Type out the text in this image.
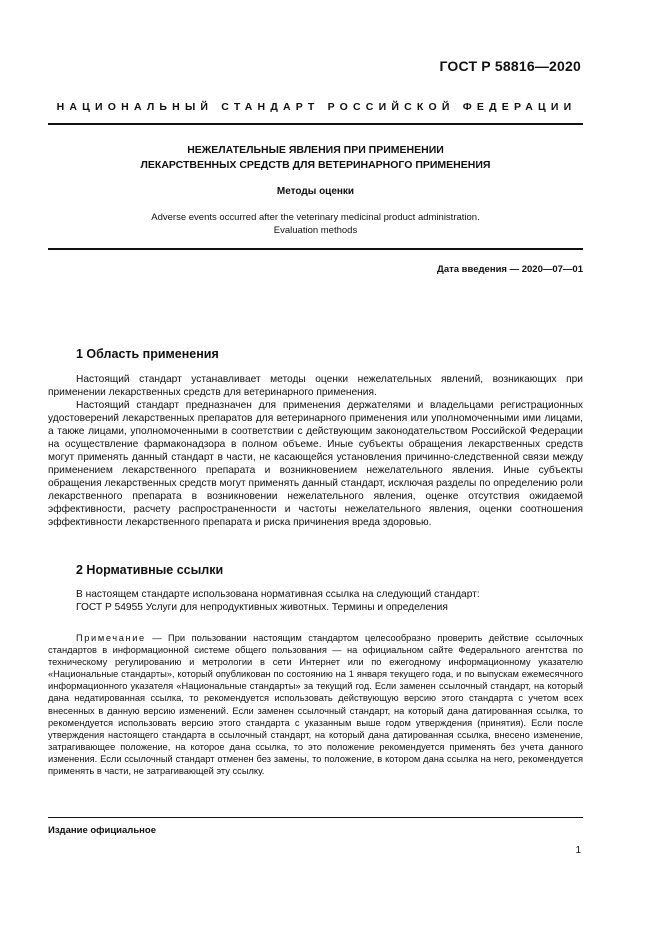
ГОСТ Р 58816—2020
НАЦИОНАЛЬНЫЙ СТАНДАРТ РОССИЙСКОЙ ФЕДЕРАЦИИ
НЕЖЕЛАТЕЛЬНЫЕ ЯВЛЕНИЯ ПРИ ПРИМЕНЕНИИ
ЛЕКАРСТВЕННЫХ СРЕДСТВ ДЛЯ ВЕТЕРИНАРНОГО ПРИМЕНЕНИЯ
Методы оценки
Adverse events occurred after the veterinary medicinal product administration.
Evaluation methods
Дата введения — 2020—07—01
1 Область применения

Настоящий стандарт устанавливает методы оценки нежелательных явлений, возникающих при применении лекарственных средств для ветеринарного применения.

Настоящий стандарт предназначен для применения держателями и владельцами регистрационных удостоверений лекарственных препаратов для ветеринарного применения или уполномоченными ими лицами, а также лицами, уполномоченными в соответствии с действующим законодательством Российской Федерации на осуществление фармаконадзора в полном объеме. Иные субъекты обращения лекарственных средств могут применять данный стандарт в части, не касающейся установления причинно-следственной связи между применением лекарственного препарата и возникновением нежелательного явления. Иные субъекты обращения лекарственных средств могут применять данный стандарт, исключая разделы по определению роли лекарственного препарата в возникновении нежелательного явления, оценке отсутствия ожидаемой эффективности, расчету распространенности и частоты нежелательного явления, оценки соотношения эффективности лекарственного препарата и риска причинения вреда здоровью.

2 Нормативные ссылки

В настоящем стандарте использована нормативная ссылка на следующий стандарт:

ГОСТ Р 54955 Услуги для непродуктивных животных. Термины и определения

Примечание — При пользовании настоящим стандартом целесообразно проверить действие ссылочных стандартов в информационной системе общего пользования — на официальном сайте Федерального агентства по техническому регулированию и метрологии в сети Интернет или по ежегодному информационному указателю «Национальные стандарты», который опубликован по состоянию на 1 января текущего года, и по выпускам ежемесячного информационного указателя «Национальные стандарты» за текущий год. Если заменен ссылочный стандарт, на который дана недатированная ссылка, то рекомендуется использовать действующую версию этого стандарта с учетом всех внесенных в данную версию изменений. Если заменен ссылочный стандарт, на который дана датированная ссылка, то рекомендуется использовать версию этого стандарта с указанным выше годом утверждения (принятия). Если после утверждения настоящего стандарта в ссылочный стандарт, на который дана датированная ссылка, внесено изменение, затрагивающее положение, на которое дана ссылка, то это положение рекомендуется применять без учета данного изменения. Если ссылочный стандарт отменен без замены, то положение, в котором дана ссылка на него, рекомендуется применять в части, не затрагивающей эту ссылку.
Издание официальное
1
